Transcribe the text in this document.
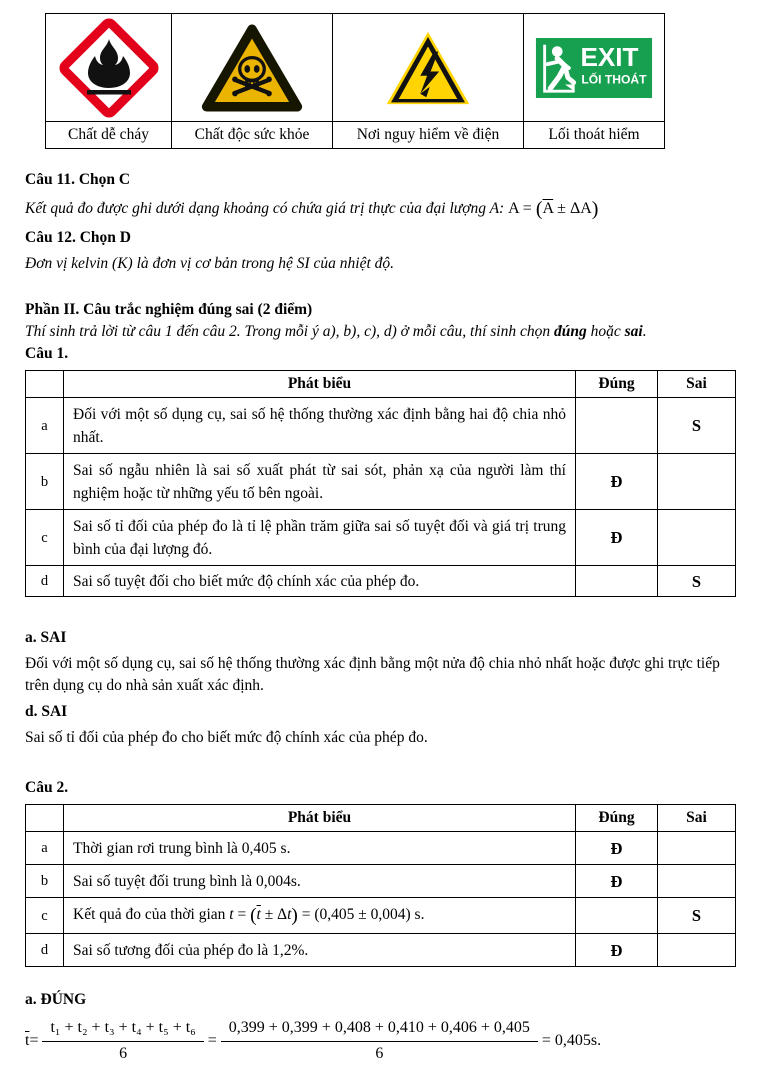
EXIT
LỐI THOÁT

Chất dễ cháy	Chất độc sức khỏe	Nơi nguy hiểm về điện	Lối thoát hiểm
Câu 11. Chọn C
Kết quả đo được ghi dưới dạng khoảng có chứa giá trị thực của đại lượng A: $A = (\overline{A} \pm \Delta A)$
Câu 12. Chọn D
Đơn vị kelvin (K) là đơn vị cơ bản trong hệ SI của nhiệt độ.
Phần II. Câu trắc nghiệm đúng sai (2 điểm)
Thí sinh trả lời từ câu 1 đến câu 2. Trong mỗi ý a), b), c), d) ở mỗi câu, thí sinh chọn đúng hoặc sai.
Câu 1.
	Phát biểu	Đúng	Sai
a	Đối với một số dụng cụ, sai số hệ thống thường xác định bằng hai độ chia nhỏ nhất.		S
b	Sai số ngẫu nhiên là sai số xuất phát từ sai sót, phản xạ của người làm thí nghiệm hoặc từ những yếu tố bên ngoài.	Đ	
c	Sai số tỉ đối của phép đo là tỉ lệ phần trăm giữa sai số tuyệt đối và giá trị trung bình của đại lượng đó.	Đ	
d	Sai số tuyệt đối cho biết mức độ chính xác của phép đo.		S
a. SAI
Đối với một số dụng cụ, sai số hệ thống thường xác định bằng một nửa độ chia nhỏ nhất hoặc được ghi trực tiếp trên dụng cụ do nhà sản xuất xác định.
d. SAI
Sai số tỉ đối của phép đo cho biết mức độ chính xác của phép đo.
Câu 2.
	Phát biểu	Đúng	Sai
a	Thời gian rơi trung bình là 0,405 s.	Đ	
b	Sai số tuyệt đối trung bình là 0,004s.	Đ	
c	Kết quả đo của thời gian $t = (\overline{t} \pm \Delta t) = (0,405 \pm 0,004)$ s.		S
d	Sai số tương đối của phép đo là 1,2%.	Đ	
a. ĐÚNG
$\overline{t} = \frac{\text{t₁ + t₂ + t₃ + t₄ + t₅ + t₆}}{6} = \frac{0,399 + 0,399 + 0,408 + 0,410 + 0,406 + 0,405}{6} = 0,405s$.
